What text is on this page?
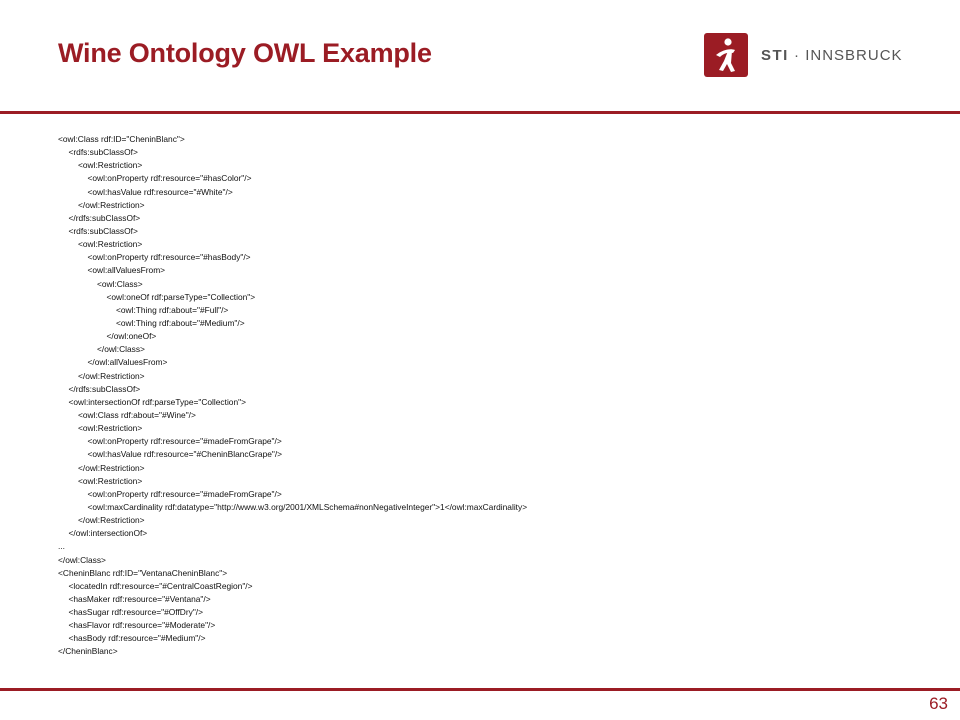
Wine Ontology OWL Example	STI · INNSBRUCK
<owl:Class rdf:ID="CheninBlanc">
<rdfs:subClassOf>
<owl:Restriction>
<owl:onProperty rdf:resource="#hasColor"/>
<owl:hasValue rdf:resource="#White"/>
</owl:Restriction>
</rdfs:subClassOf>
<rdfs:subClassOf>
<owl:Restriction>
<owl:onProperty rdf:resource="#hasBody"/>
<owl:allValuesFrom>
<owl:Class>
<owl:oneOf rdf:parseType="Collection">
<owl:Thing rdf:about="#Full"/>
<owl:Thing rdf:about="#Medium"/>
</owl:oneOf>
</owl:Class>
</owl:allValuesFrom>
</owl:Restriction>
</rdfs:subClassOf>
<owl:intersectionOf rdf:parseType="Collection">
<owl:Class rdf:about="#Wine"/>
<owl:Restriction>
<owl:onProperty rdf:resource="#madeFromGrape"/>
<owl:hasValue rdf:resource="#CheninBlancGrape"/>
</owl:Restriction>
<owl:Restriction>
<owl:onProperty rdf:resource="#madeFromGrape"/>
<owl:maxCardinality rdf:datatype="http://www.w3.org/2001/XMLSchema#nonNegativeInteger">1</owl:maxCardinality>
</owl:Restriction>
</owl:intersectionOf>
...
</owl:Class>
<CheninBlanc rdf:ID="VentanaCheninBlanc">
<locatedIn rdf:resource="#CentralCoastRegion"/>
<hasMaker rdf:resource="#Ventana"/>
<hasSugar rdf:resource="#OffDry"/>
<hasFlavor rdf:resource="#Moderate"/>
<hasBody rdf:resource="#Medium"/>
</CheninBlanc>
63
